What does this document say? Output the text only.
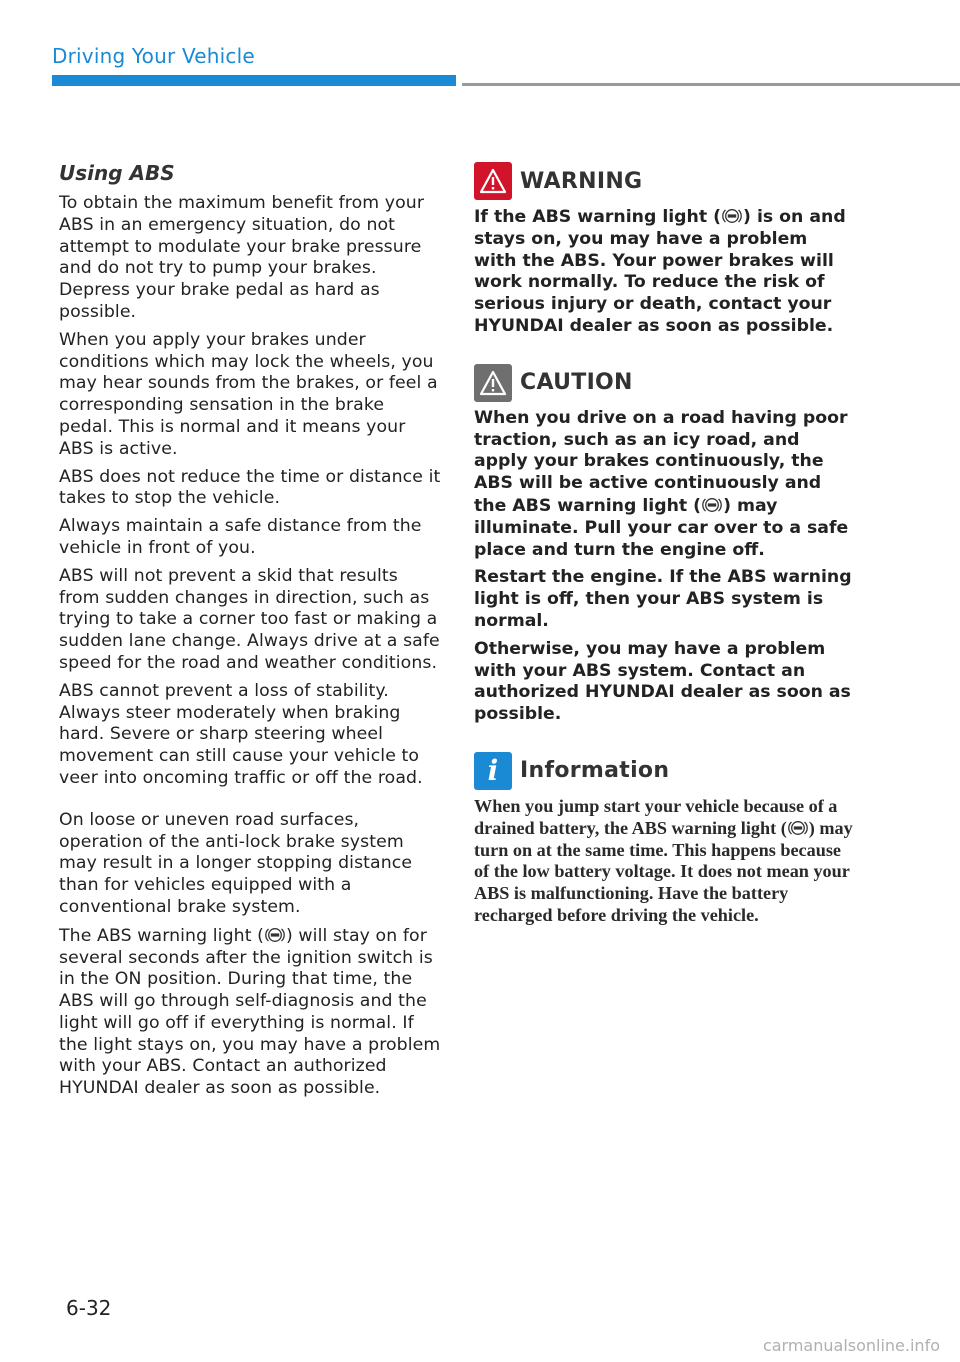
Driving Your Vehicle
Using ABS

To obtain the maximum benefit from your ABS in an emergency situation, do not attempt to modulate your brake pressure and do not try to pump your brakes. Depress your brake pedal as hard as possible.

When you apply your brakes under conditions which may lock the wheels, you may hear sounds from the brakes, or feel a corresponding sensation in the brake pedal. This is normal and it means your ABS is active.

ABS does not reduce the time or distance it takes to stop the vehicle.

Always maintain a safe distance from the vehicle in front of you.

ABS will not prevent a skid that results from sudden changes in direction, such as trying to take a corner too fast or making a sudden lane change. Always drive at a safe speed for the road and weather conditions.

ABS cannot prevent a loss of stability. Always steer moderately when braking hard. Severe or sharp steering wheel movement can still cause your vehicle to veer into oncoming traffic or off the road.

On loose or uneven road surfaces, operation of the anti-lock brake system may result in a longer stopping distance than for vehicles equipped with a conventional brake system.

The ABS warning light ( ) will stay on for several seconds after the ignition switch is in the ON position. During that time, the ABS will go through self-diagnosis and the light will go off if everything is normal. If the light stays on, you may have a problem with your ABS. Contact an authorized HYUNDAI dealer as soon as possible.

WARNING

If the ABS warning light ( ) is on and stays on, you may have a problem with the ABS. Your power brakes will work normally. To reduce the risk of serious injury or death, contact your HYUNDAI dealer as soon as possible.

CAUTION

When you drive on a road having poor traction, such as an icy road, and apply your brakes continuously, the ABS will be active continuously and the ABS warning light ( ) may illuminate. Pull your car over to a safe place and turn the engine off.

Restart the engine. If the ABS warning light is off, then your ABS system is normal.

Otherwise, you may have a problem with your ABS system. Contact an authorized HYUNDAI dealer as soon as possible.

i Information

When you jump start your vehicle because of a drained battery, the ABS warning light ( ) may turn on at the same time. This happens because of the low battery voltage. It does not mean your ABS is malfunctioning. Have the battery recharged before driving the vehicle.

6-32
carmanualsonline.info
